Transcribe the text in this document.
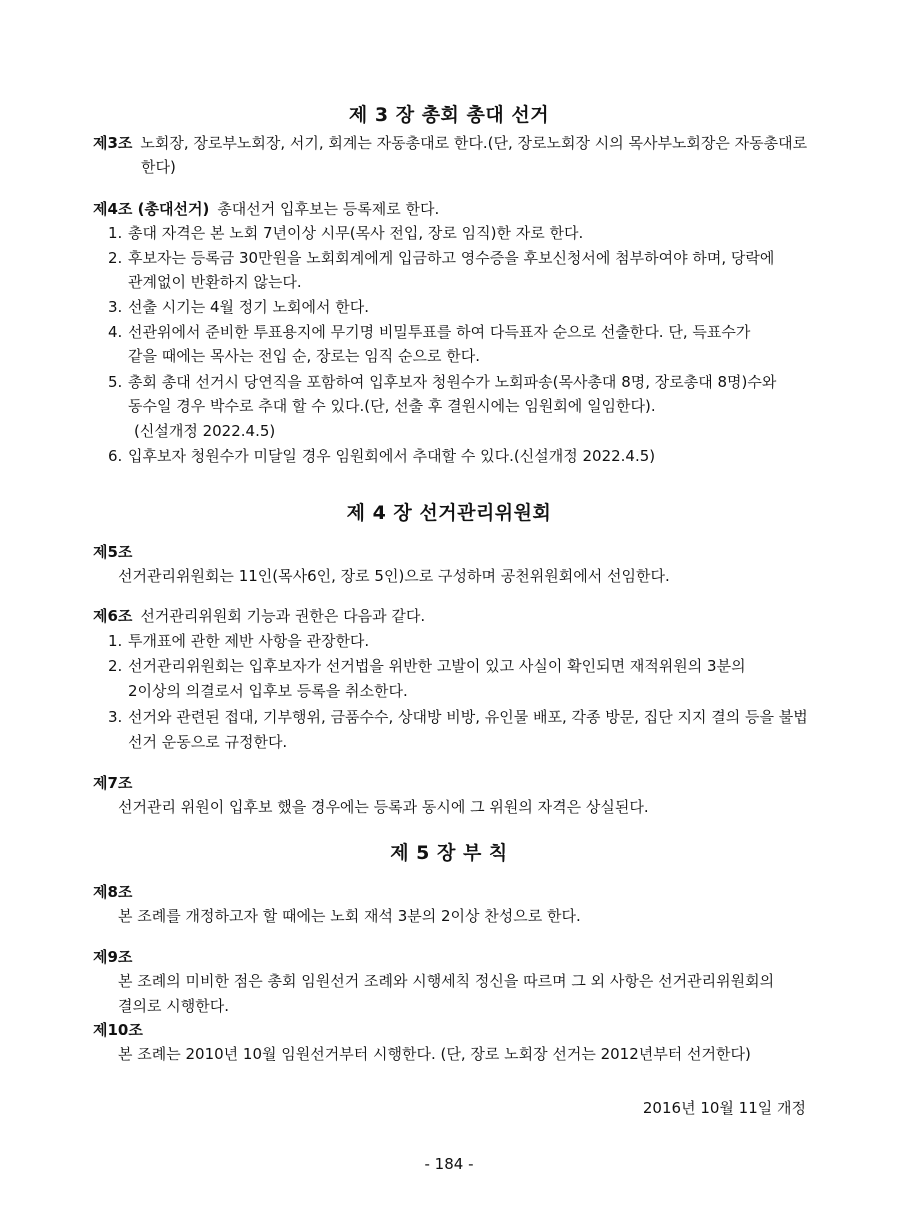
제 3 장 총회 총대 선거
제3조 노회장, 장로부노회장, 서기, 회계는 자동총대로 한다.(단, 장로노회장 시의 목사부노회장은 자동총대로
한다)
제4조 (총대선거) 총대선거 입후보는 등록제로 한다.
1. 총대 자격은 본 노회 7년이상 시무(목사 전입, 장로 임직)한 자로 한다.
2. 후보자는 등록금 30만원을 노회회계에게 입금하고 영수증을 후보신청서에 첨부하여야 하며, 당락에
관계없이 반환하지 않는다.
3. 선출 시기는 4월 정기 노회에서 한다.
4. 선관위에서 준비한 투표용지에 무기명 비밀투표를 하여 다득표자 순으로 선출한다. 단, 득표수가
같을 때에는 목사는 전입 순, 장로는 임직 순으로 한다.
5. 총회 총대 선거시 당연직을 포함하여 입후보자 청원수가 노회파송(목사총대 8명, 장로총대 8명)수와
동수일 경우 박수로 추대 할 수 있다.(단, 선출 후 결원시에는 임원회에 일임한다).
(신설개정 2022.4.5)
6. 입후보자 청원수가 미달일 경우 임원회에서 추대할 수 있다.(신설개정 2022.4.5)
제 4 장 선거관리위원회
제5조
선거관리위원회는 11인(목사6인, 장로 5인)으로 구성하며 공천위원회에서 선임한다.
제6조 선거관리위원회 기능과 권한은 다음과 같다.
1. 투개표에 관한 제반 사항을 관장한다.
2. 선거관리위원회는 입후보자가 선거법을 위반한 고발이 있고 사실이 확인되면 재적위원의 3분의
2이상의 의결로서 입후보 등록을 취소한다.
3. 선거와 관련된 접대, 기부행위, 금품수수, 상대방 비방, 유인물 배포, 각종 방문, 집단 지지 결의 등을 불법
선거 운동으로 규정한다.
제7조
선거관리 위원이 입후보 했을 경우에는 등록과 동시에 그 위원의 자격은 상실된다.
제 5 장 부 칙
제8조
본 조례를 개정하고자 할 때에는 노회 재석 3분의 2이상 찬성으로 한다.
제9조
본 조례의 미비한 점은 총회 임원선거 조례와 시행세칙 정신을 따르며 그 외 사항은 선거관리위원회의
결의로 시행한다.
제10조
본 조례는 2010년 10월 임원선거부터 시행한다. (단, 장로 노회장 선거는 2012년부터 선거한다)
2016년 10월 11일 개정
- 184 -
